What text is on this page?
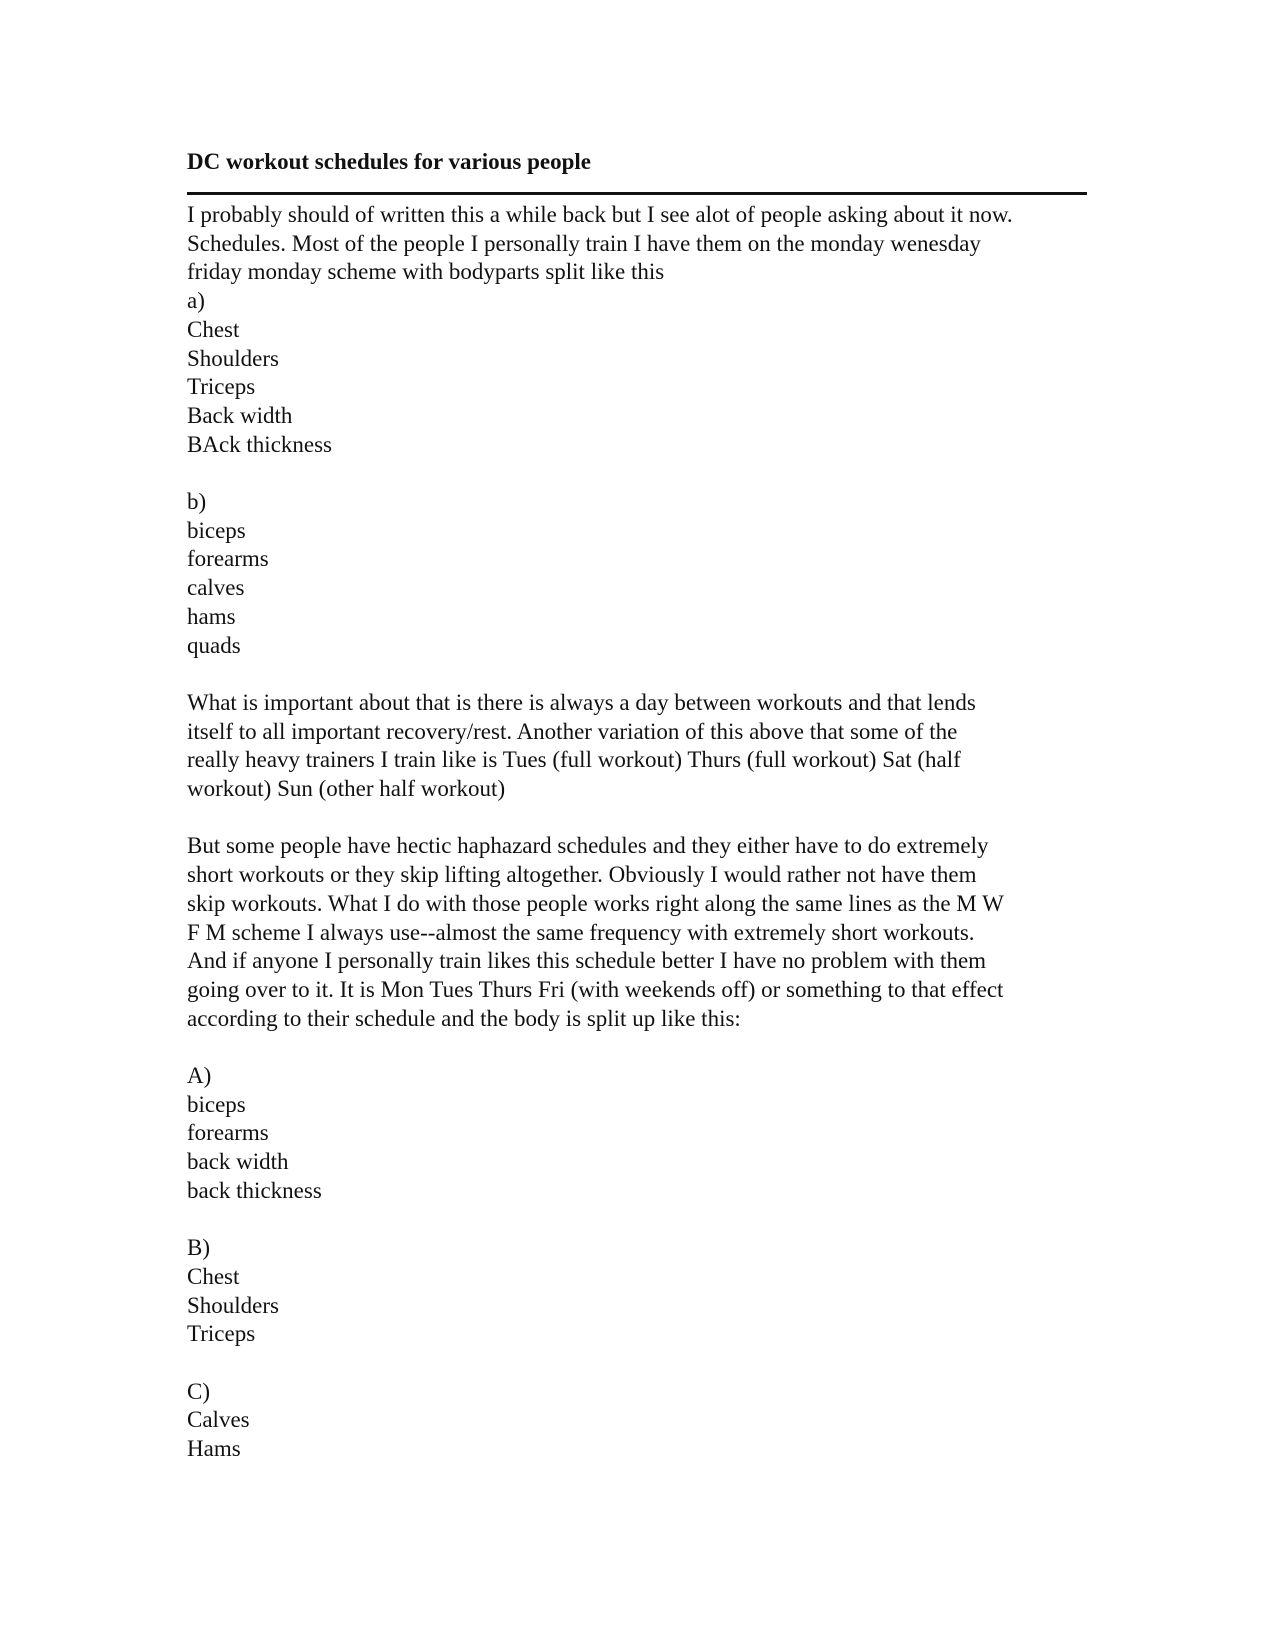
DC workout schedules for various people
I probably should of written this a while back but I see alot of people asking about it now.
Schedules. Most of the people I personally train I have them on the monday wenesday
friday monday scheme with bodyparts split like this
a)
Chest
Shoulders
Triceps
Back width
BAck thickness
b)
biceps
forearms
calves
hams
quads
What is important about that is there is always a day between workouts and that lends
itself to all important recovery/rest. Another variation of this above that some of the
really heavy trainers I train like is Tues (full workout) Thurs (full workout) Sat (half
workout) Sun (other half workout)
But some people have hectic haphazard schedules and they either have to do extremely
short workouts or they skip lifting altogether. Obviously I would rather not have them
skip workouts. What I do with those people works right along the same lines as the M W
F M scheme I always use--almost the same frequency with extremely short workouts.
And if anyone I personally train likes this schedule better I have no problem with them
going over to it. It is Mon Tues Thurs Fri (with weekends off) or something to that effect
according to their schedule and the body is split up like this:
A)
biceps
forearms
back width
back thickness
B)
Chest
Shoulders
Triceps
C)
Calves
Hams
